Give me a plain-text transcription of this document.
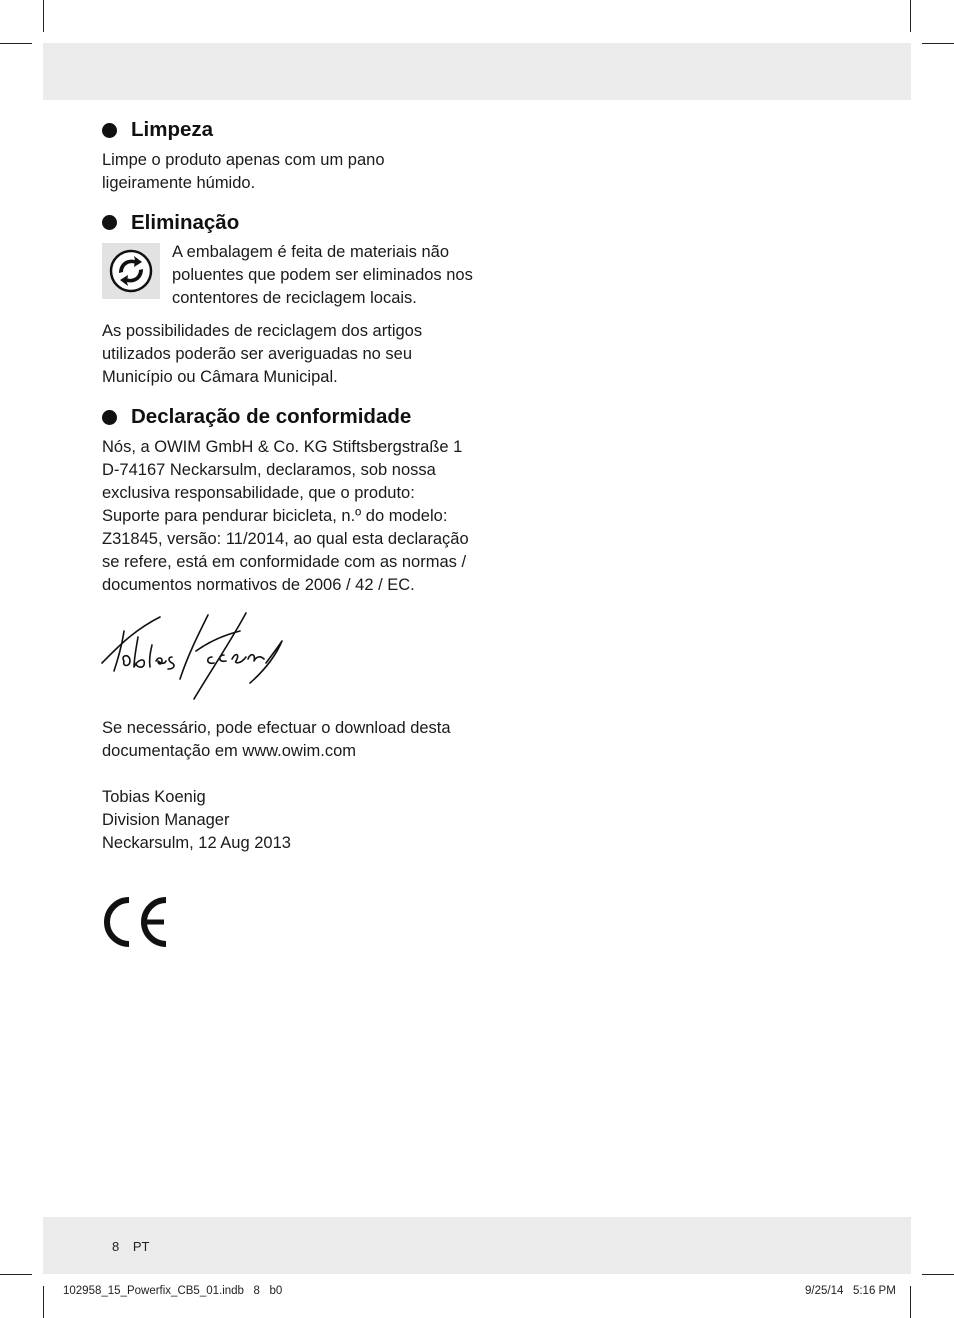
Limpeza

Limpe o produto apenas com um pano ligeiramente húmido.

Eliminação

A embalagem é feita de materiais não poluentes que podem ser eliminados nos contentores de reciclagem locais.

As possibilidades de reciclagem dos artigos utilizados poderão ser averiguadas no seu Município ou Câmara Municipal.

Declaração de conformidade

Nós, a OWIM GmbH & Co. KG Stiftsbergstraße 1 D-74167 Neckarsulm, declaramos, sob nossa exclusiva responsabilidade, que o produto: Suporte para pendurar bicicleta, n.º do modelo: Z31845, versão: 11/2014, ao qual esta declaração se refere, está em conformidade com as normas / documentos normativos de 2006 / 42 / EC.

Se necessário, pode efectuar o download desta documentação em www.owim.com

Tobias Koenig

Division Manager

Neckarsulm, 12 Aug 2013

8 PT
102958_15_Powerfix_CB5_01.indb   8   b0	9/25/14   5:16 PM
